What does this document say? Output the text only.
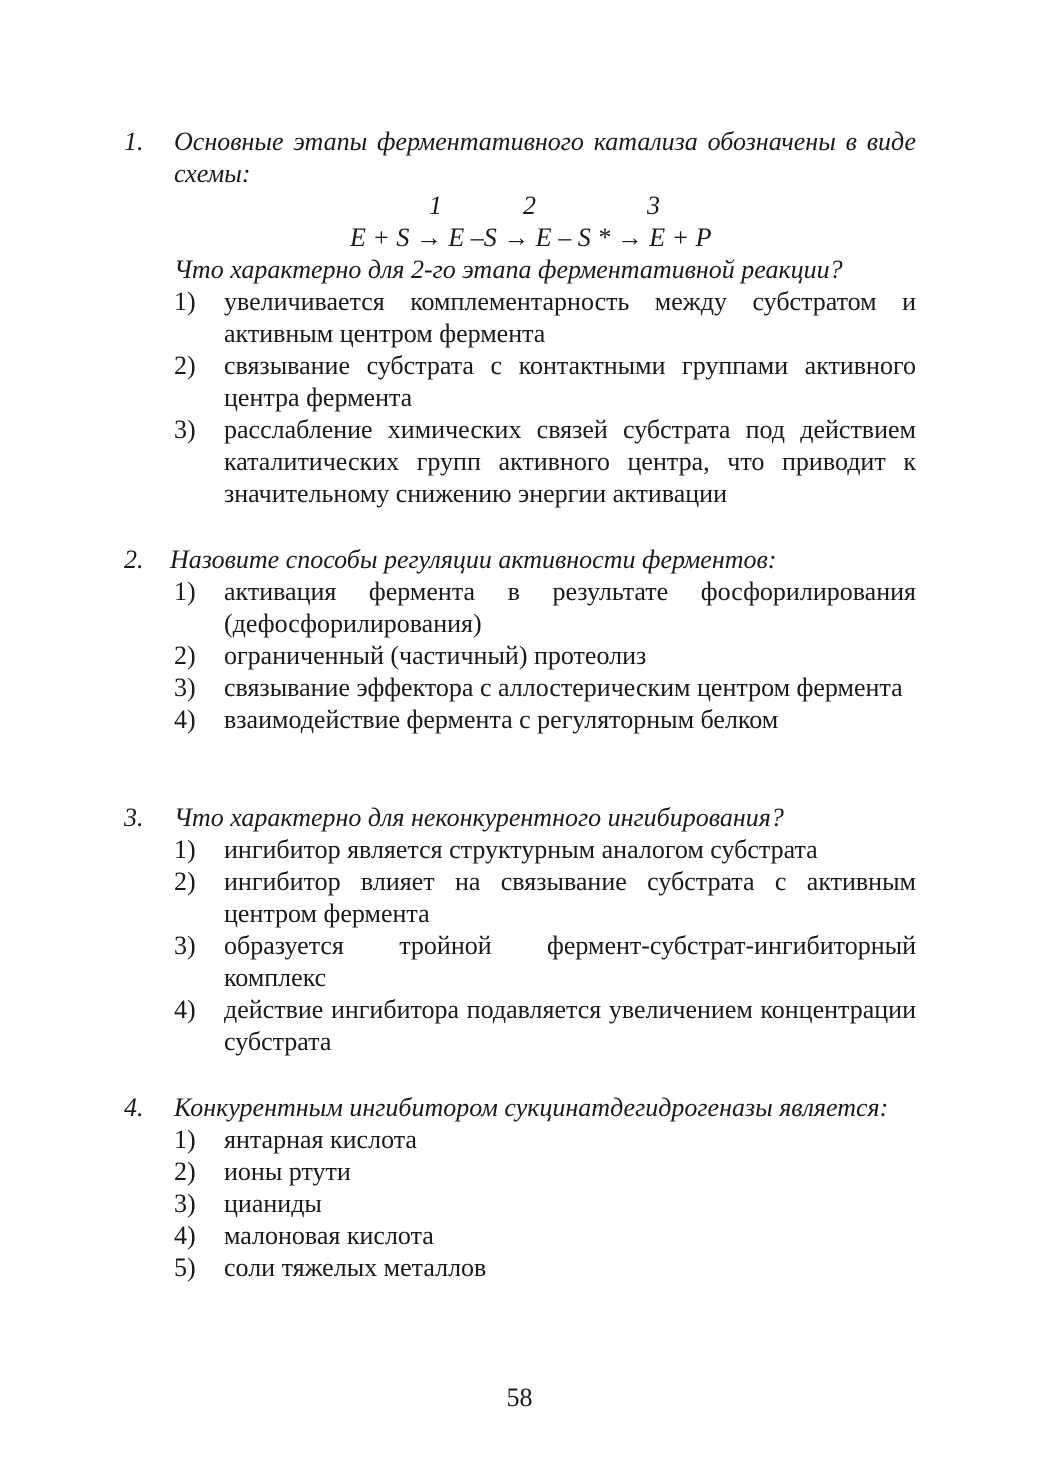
1. Основные этапы ферментативного катализа обозначены в виде схемы:
1	2	3
E + S → E –S → E – S * → E + P
Что характерно для 2-го этапа ферментативной реакции?
1) увеличивается комплементарность между субстратом и активным центром фермента
2) связывание субстрата с контактными группами активного центра фермента
3) расслабление химических связей субстрата под действием каталитических групп активного центра, что приводит к значительному снижению энергии активации
2. Назовите способы регуляции активности ферментов:
1) активация фермента в результате фосфорилирования (дефосфорилирования)
2) ограниченный (частичный) протеолиз
3) связывание эффектора с аллостерическим центром фермента
4) взаимодействие фермента с регуляторным белком
3. Что характерно для неконкурентного ингибирования?
1) ингибитор является структурным аналогом субстрата
2) ингибитор влияет на связывание субстрата с активным центром фермента
3) образуется тройной фермент-субстрат-ингибиторный комплекс
4) действие ингибитора подавляется увеличением концентрации субстрата
4. Конкурентным ингибитором сукцинатдегидрогеназы является:
1) янтарная кислота
2) ионы ртути
3) цианиды
4) малоновая кислота
5) соли тяжелых металлов
58
